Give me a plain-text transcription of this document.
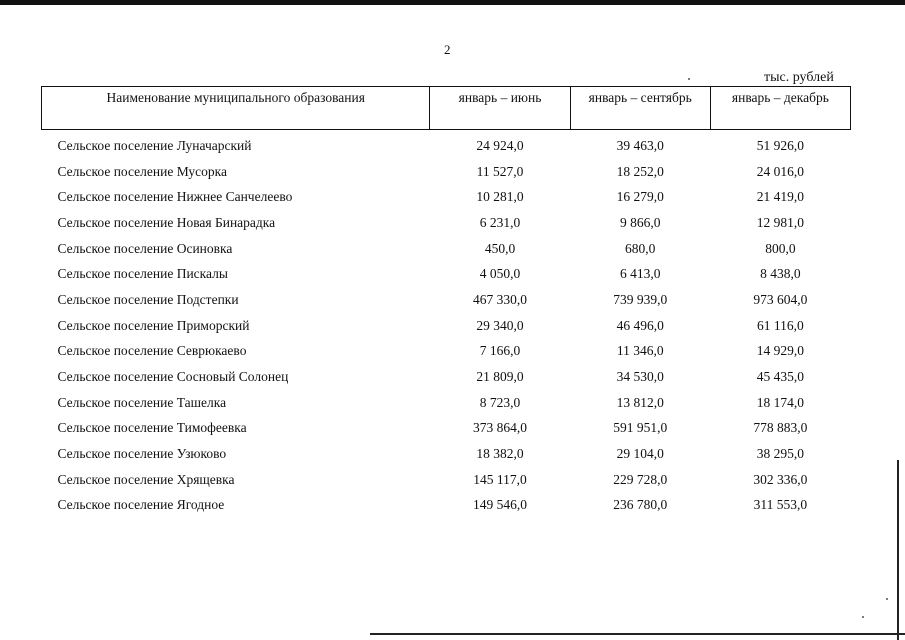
2
тыс. рублей
Наименование муниципального образования	январь – июнь	январь – сентябрь	январь – декабрь
Сельское поселение Луначарский	24 924,0	39 463,0	51 926,0
Сельское поселение Мусорка	11 527,0	18 252,0	24 016,0
Сельское поселение Нижнее Санчелеево	10 281,0	16 279,0	21 419,0
Сельское поселение Новая Бинарадка	6 231,0	9 866,0	12 981,0
Сельское поселение Осиновка	450,0	680,0	800,0
Сельское поселение Пискалы	4 050,0	6 413,0	8 438,0
Сельское поселение Подстепки	467 330,0	739 939,0	973 604,0
Сельское поселение Приморский	29 340,0	46 496,0	61 116,0
Сельское поселение Севрюкаево	7 166,0	11 346,0	14 929,0
Сельское поселение Сосновый Солонец	21 809,0	34 530,0	45 435,0
Сельское поселение Ташелка	8 723,0	13 812,0	18 174,0
Сельское поселение Тимофеевка	373 864,0	591 951,0	778 883,0
Сельское поселение Узюково	18 382,0	29 104,0	38 295,0
Сельское поселение Хрящевка	145 117,0	229 728,0	302 336,0
Сельское поселение Ягодное	149 546,0	236 780,0	311 553,0
